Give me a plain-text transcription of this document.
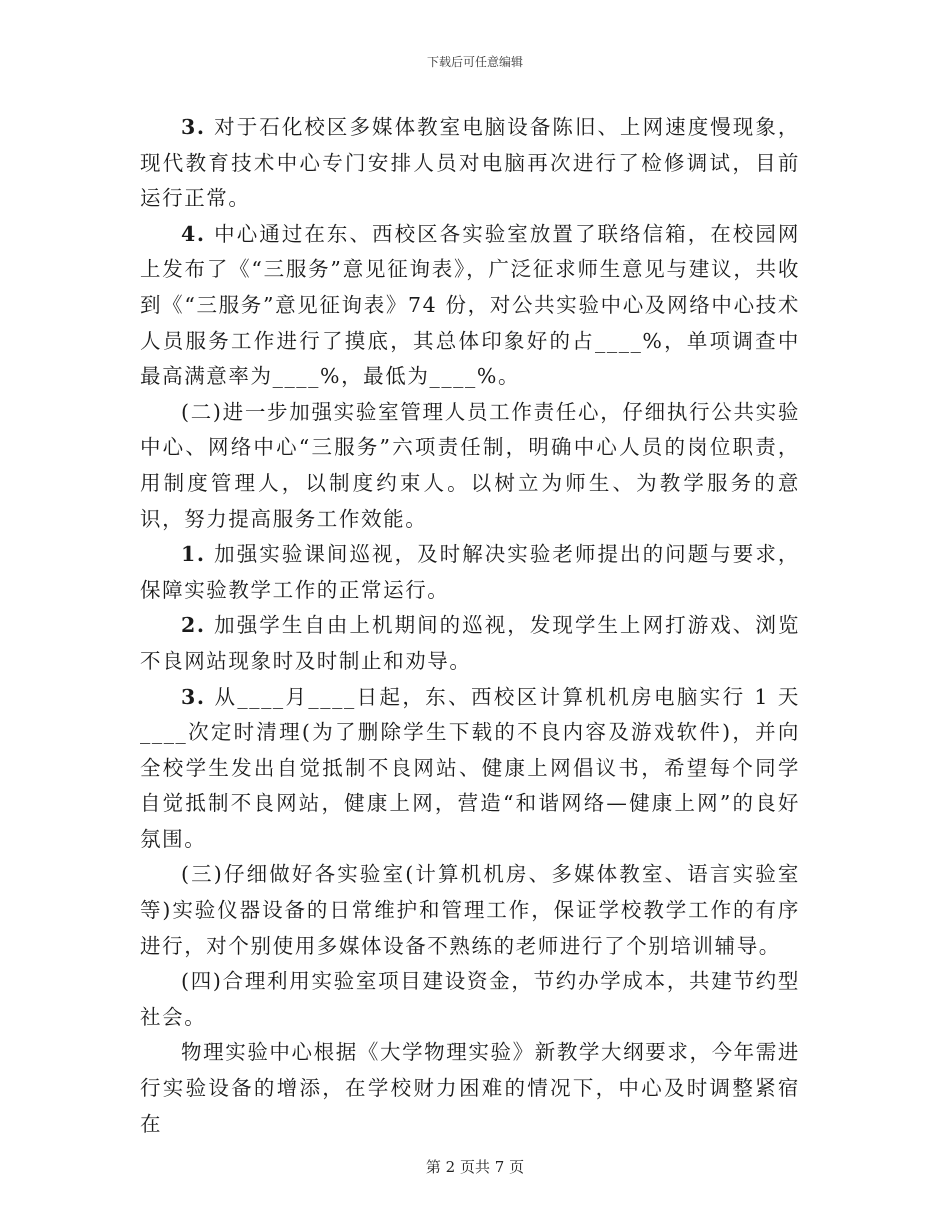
下载后可任意编辑

3. 对于石化校区多媒体教室电脑设备陈旧、上网速度慢现象，现代教育技术中心专门安排人员对电脑再次进行了检修调试，目前运行正常。

4. 中心通过在东、西校区各实验室放置了联络信箱，在校园网上发布了《“三服务”意见征询表》，广泛征求师生意见与建议，共收到《“三服务”意见征询表》74 份，对公共实验中心及网络中心技术人员服务工作进行了摸底，其总体印象好的占____%，单项调查中最高满意率为____%，最低为____%。

(二)进一步加强实验室管理人员工作责任心，仔细执行公共实验中心、网络中心“三服务”六项责任制，明确中心人员的岗位职责，用制度管理人，以制度约束人。以树立为师生、为教学服务的意识，努力提高服务工作效能。

1. 加强实验课间巡视，及时解决实验老师提出的问题与要求，保障实验教学工作的正常运行。

2. 加强学生自由上机期间的巡视，发现学生上网打游戏、浏览不良网站现象时及时制止和劝导。

3. 从____月____日起，东、西校区计算机机房电脑实行 1 天____次定时清理(为了删除学生下载的不良内容及游戏软件)，并向全校学生发出自觉抵制不良网站、健康上网倡议书，希望每个同学自觉抵制不良网站，健康上网，营造“和谐网络—健康上网”的良好氛围。

(三)仔细做好各实验室(计算机机房、多媒体教室、语言实验室等)实验仪器设备的日常维护和管理工作，保证学校教学工作的有序进行，对个别使用多媒体设备不熟练的老师进行了个别培训辅导。

(四)合理利用实验室项目建设资金，节约办学成本，共建节约型社会。

物理实验中心根据《大学物理实验》新教学大纲要求，今年需进行实验设备的增添，在学校财力困难的情况下，中心及时调整紧宿在

第 2 页共 7 页
